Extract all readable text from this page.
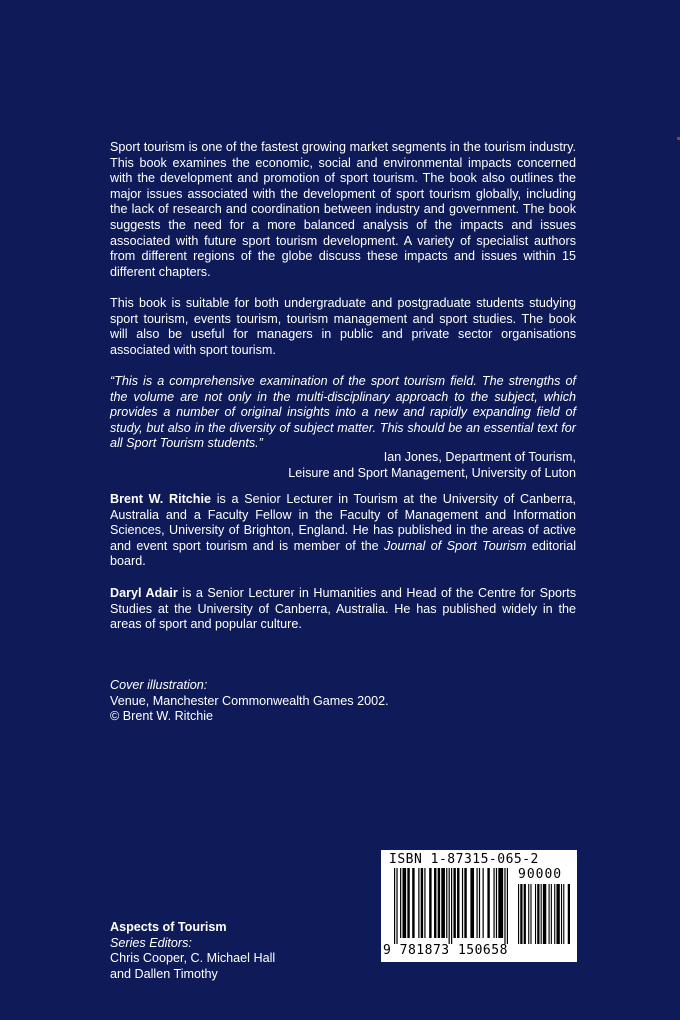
Sport tourism is one of the fastest growing market segments in the tourism industry. This book examines the economic, social and environmental impacts concerned with the development and promotion of sport tourism. The book also outlines the major issues associated with the development of sport tourism globally, including the lack of research and coordination between industry and government. The book suggests the need for a more balanced analysis of the impacts and issues associated with future sport tourism development. A variety of specialist authors from different regions of the globe discuss these impacts and issues within 15 different chapters.

This book is suitable for both undergraduate and postgraduate students studying sport tourism, events tourism, tourism management and sport studies. The book will also be useful for managers in public and private sector organisations associated with sport tourism.

“This is a comprehensive examination of the sport tourism field. The strengths of the volume are not only in the multi-disciplinary approach to the subject, which provides a number of original insights into a new and rapidly expanding field of study, but also in the diversity of subject matter. This should be an essential text for all Sport Tourism students.”

Ian Jones, Department of Tourism,
Leisure and Sport Management, University of Luton

Brent W. Ritchie is a Senior Lecturer in Tourism at the University of Canberra, Australia and a Faculty Fellow in the Faculty of Management and Information Sciences, University of Brighton, England. He has published in the areas of active and event sport tourism and is member of the Journal of Sport Tourism editorial board.

Daryl Adair is a Senior Lecturer in Humanities and Head of the Centre for Sports Studies at the University of Canberra, Australia. He has published widely in the areas of sport and popular culture.

Cover illustration:
Venue, Manchester Commonwealth Games 2002.
© Brent W. Ritchie

Aspects of Tourism
Series Editors:
Chris Cooper, C. Michael Hall
and Dallen Timothy

ISBN 1-87315-065-2
90000
9 781873 150658
